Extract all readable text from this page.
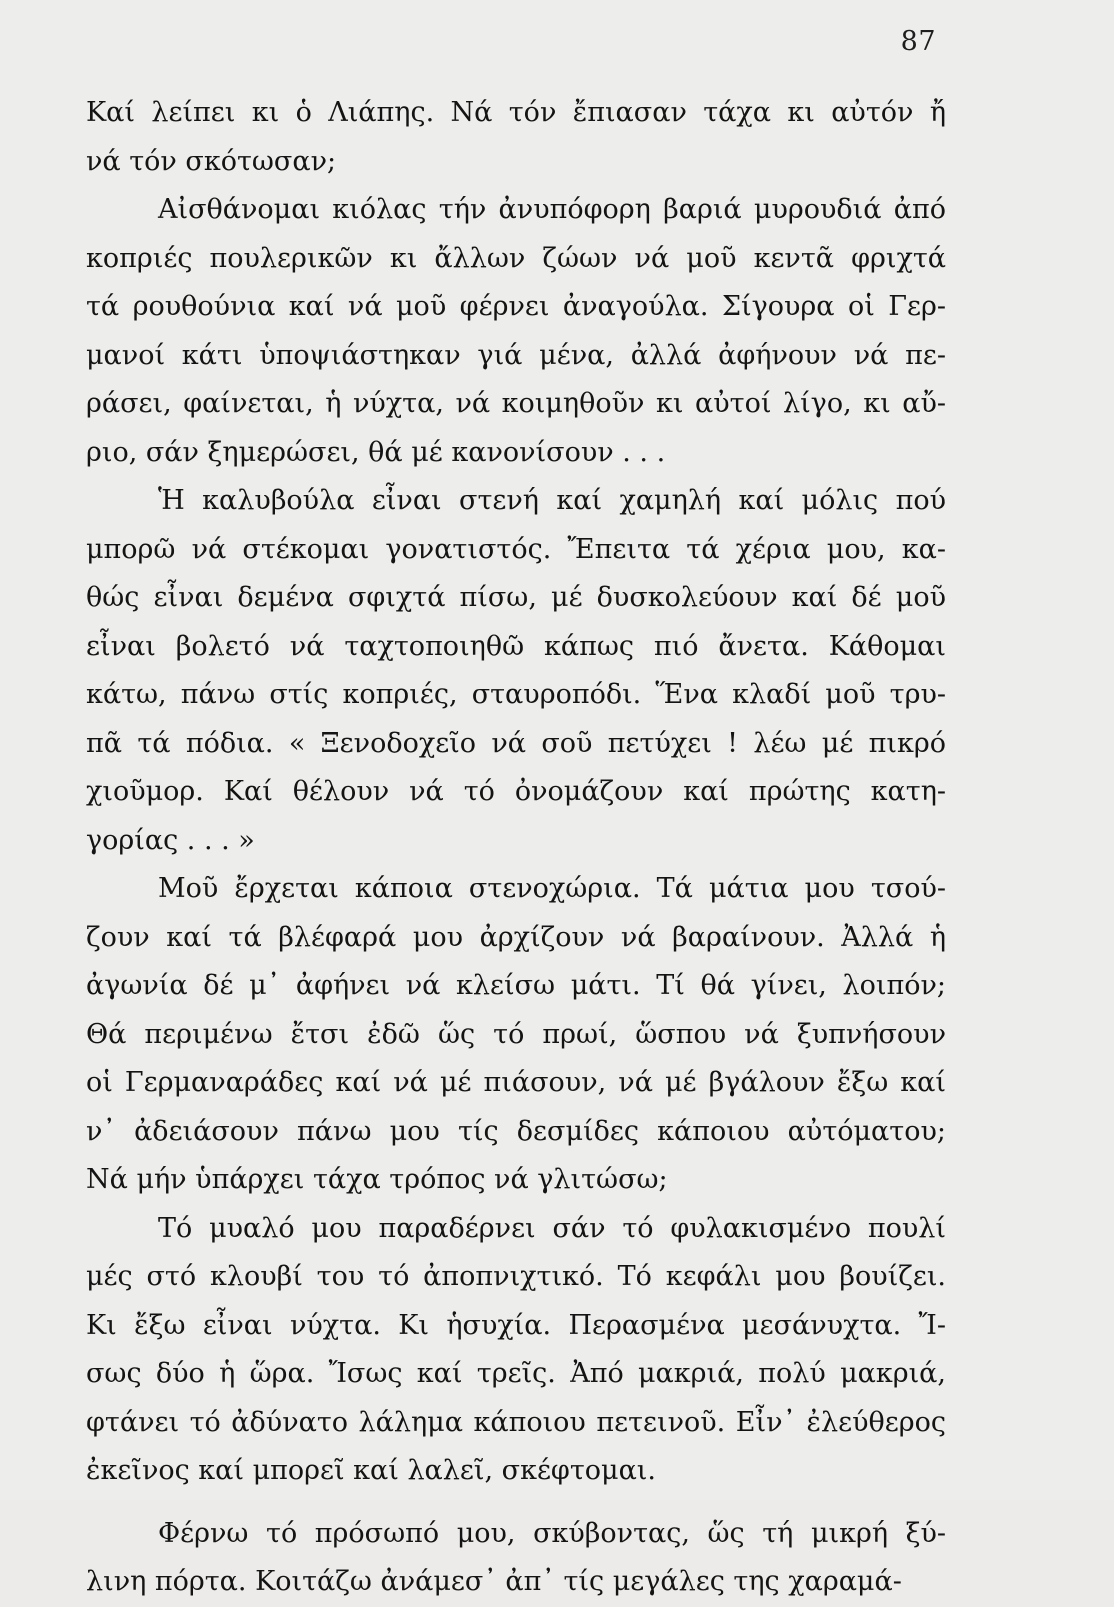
87
Καί λείπει κι ὁ Λιάπης. Νά τόν ἔπιασαν τάχα κι αὐτόν ἤ
νά τόν σκότωσαν;
Αἰσθάνομαι κιόλας τήν ἀνυπόφορη βαριά μυρουδιά ἀπό
κοπριές πουλερικῶν κι ἄλλων ζώων νά μοῦ κεντᾶ φριχτά
τά ρουθούνια καί νά μοῦ φέρνει ἀναγούλα. Σίγουρα οἱ Γερ-
μανοί κάτι ὑποψιάστηκαν γιά μένα, ἀλλά ἀφήνουν νά πε-
ράσει, φαίνεται, ἡ νύχτα, νά κοιμηθοῦν κι αὐτοί λίγο, κι αὔ-
ριο, σάν ξημερώσει, θά μέ κανονίσουν . . .
Ἡ καλυβούλα εἶναι στενή καί χαμηλή καί μόλις πού
μπορῶ νά στέκομαι γονατιστός. Ἔπειτα τά χέρια μου, κα-
θώς εἶναι δεμένα σφιχτά πίσω, μέ δυσκολεύουν καί δέ μοῦ
εἶναι βολετό νά ταχτοποιηθῶ κάπως πιό ἄνετα. Κάθομαι
κάτω, πάνω στίς κοπριές, σταυροπόδι. Ἕνα κλαδί μοῦ τρυ-
πᾶ τά πόδια. « Ξενοδοχεῖο νά σοῦ πετύχει ! λέω μέ πικρό
χιοῦμορ. Καί θέλουν νά τό ὀνομάζουν καί πρώτης κατη-
γορίας . . . »
Μοῦ ἔρχεται κάποια στενοχώρια. Τά μάτια μου τσού-
ζουν καί τά βλέφαρά μου ἀρχίζουν νά βαραίνουν. Ἀλλά ἡ
ἀγωνία δέ μ᾽ ἀφήνει νά κλείσω μάτι. Τί θά γίνει, λοιπόν;
Θά περιμένω ἔτσι ἐδῶ ὥς τό πρωί, ὥσπου νά ξυπνήσουν
οἱ Γερμαναράδες καί νά μέ πιάσουν, νά μέ βγάλουν ἔξω καί
ν᾽ ἀδειάσουν πάνω μου τίς δεσμίδες κάποιου αὐτόματου;
Νά μήν ὑπάρχει τάχα τρόπος νά γλιτώσω;
Τό μυαλό μου παραδέρνει σάν τό φυλακισμένο πουλί
μές στό κλουβί του τό ἀποπνιχτικό. Τό κεφάλι μου βουίζει.
Κι ἔξω εἶναι νύχτα. Κι ἡσυχία. Περασμένα μεσάνυχτα. Ἴ-
σως δύο ἡ ὥρα. Ἴσως καί τρεῖς. Ἀπό μακριά, πολύ μακριά,
φτάνει τό ἀδύνατο λάλημα κάποιου πετεινοῦ. Εἶν᾽ ἐλεύθερος
ἐκεῖνος καί μπορεῖ καί λαλεῖ, σκέφτομαι.
Φέρνω τό πρόσωπό μου, σκύβοντας, ὥς τή μικρή ξύ-
λινη πόρτα. Κοιτάζω ἀνάμεσ᾽ ἀπ᾽ τίς μεγάλες της χαραμά-
